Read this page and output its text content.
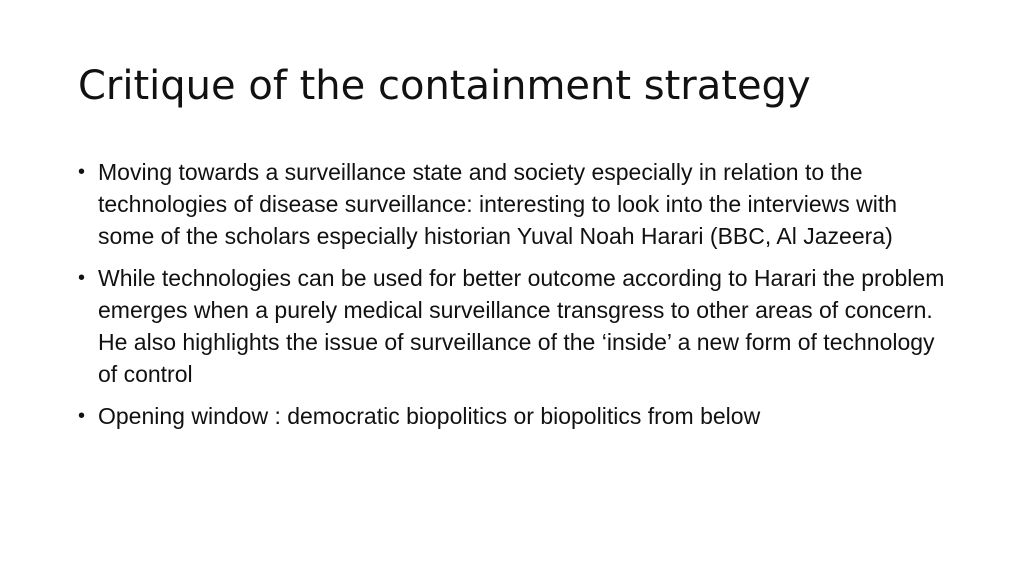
Critique of the containment strategy
• Moving towards a surveillance state and society especially in relation to the technologies of disease surveillance: interesting to look into the interviews with some of the scholars especially historian Yuval Noah Harari (BBC, Al Jazeera)
• While technologies can be used for better outcome according to Harari the problem emerges when a purely medical surveillance transgress to other areas of concern. He also highlights the issue of surveillance of the ‘inside’ a new form of technology of control
• Opening window : democratic biopolitics or biopolitics from below
